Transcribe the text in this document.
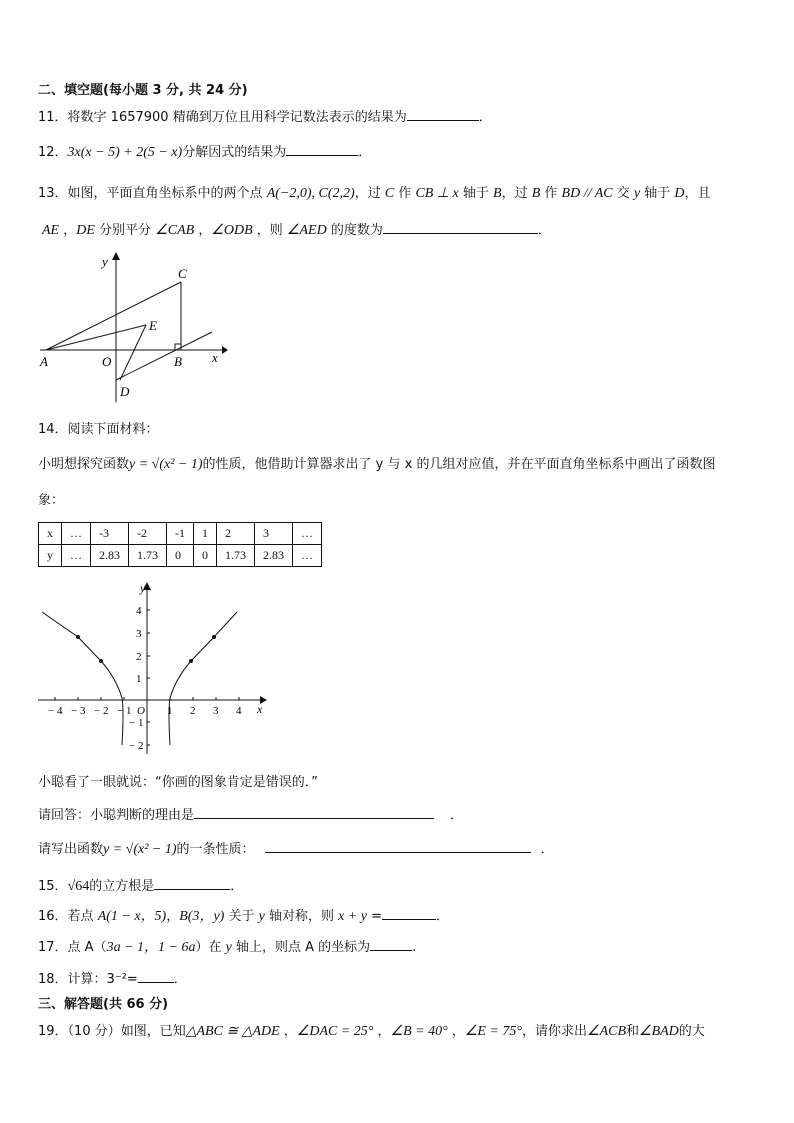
二、填空题(每小题 3 分, 共 24 分)
11．将数字 1657900 精确到万位且用科学记数法表示的结果为	．
12．3x(x − 5) + 2(5 − x)分解因式的结果为	．
13．如图，平面直角坐标系中的两个点 A(−2,0), C(2,2)，过 C 作 CB ⊥ x 轴于 B，过 B 作 BD // AC 交 y 轴于 D，且
AE ，DE 分别平分 ∠CAB ，∠ODB ，则 ∠AED 的度数为	．
y
x
A	O	B
C
D
E
14．阅读下面材料：
小明想探究函数y = √(x² − 1)的性质，他借助计算器求出了 y 与 x 的几组对应值，并在平面直角坐标系中画出了函数图
象：
x	…	-3	-2	-1	1	2	3	…
y	…	2.83	1.73	0	0	1.73	2.83	…
− 4 − 3 − 2 − 1 O 1 2 3 4 x
4
3
2
1
− 1
− 2
y
小聪看了一眼就说：“你画的图象肯定是错误的．”
请回答：小聪判断的理由是	．
请写出函数y = √(x² − 1)的一条性质：	．
15．√64的立方根是	．
16．若点 A(1 − x，5)，B(3，y) 关于 y 轴对称，则 x + y =	．
17．点 A（3a − 1，1 − 6a）在 y 轴上，则点 A 的坐标为	.
18．计算：3⁻²=	．
三、解答题(共 66 分)
19．（10 分）如图，已知△ABC ≅ △ADE ，∠DAC = 25° ，∠B = 40° ，∠E = 75°，请你求出∠ACB和∠BAD的大
